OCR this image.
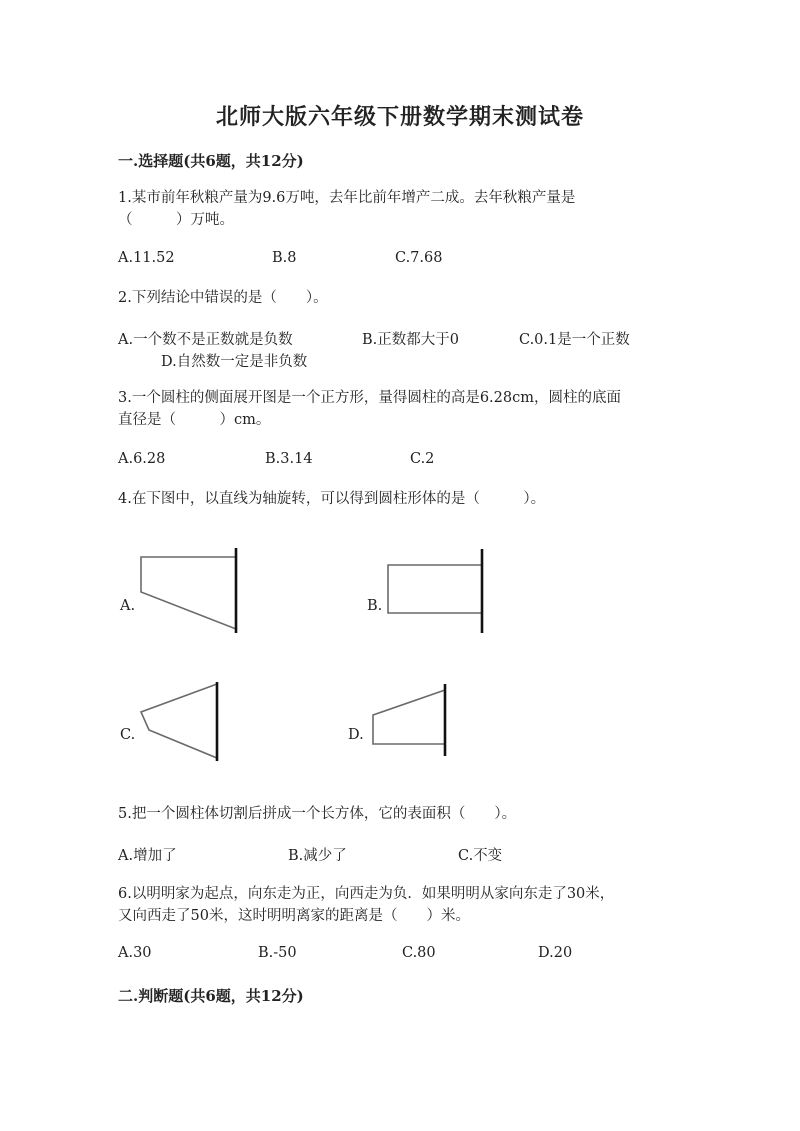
北师大版六年级下册数学期末测试卷
一.选择题(共6题，共12分)
1.某市前年秋粮产量为9.6万吨，去年比前年增产二成。去年秋粮产量是
（　　　）万吨。
A.11.52	B.8	C.7.68
2.下列结论中错误的是（　　）。
A.一个数不是正数就是负数	B.正数都大于0	C.0.1是一个正数
D.自然数一定是非负数
3.一个圆柱的侧面展开图是一个正方形，量得圆柱的高是6.28cm，圆柱的底面
直径是（　　　）cm。
A.6.28	B.3.14	C.2
4.在下图中，以直线为轴旋转，可以得到圆柱形体的是（　　　）。
A.	B.
C.	D.
5.把一个圆柱体切割后拼成一个长方体，它的表面积（　　）。
A.增加了	B.减少了	C.不变
6.以明明家为起点，向东走为正，向西走为负．如果明明从家向东走了30米，
又向西走了50米，这时明明离家的距离是（　　）米。
A.30	B.-50	C.80	D.20
二.判断题(共6题，共12分)
